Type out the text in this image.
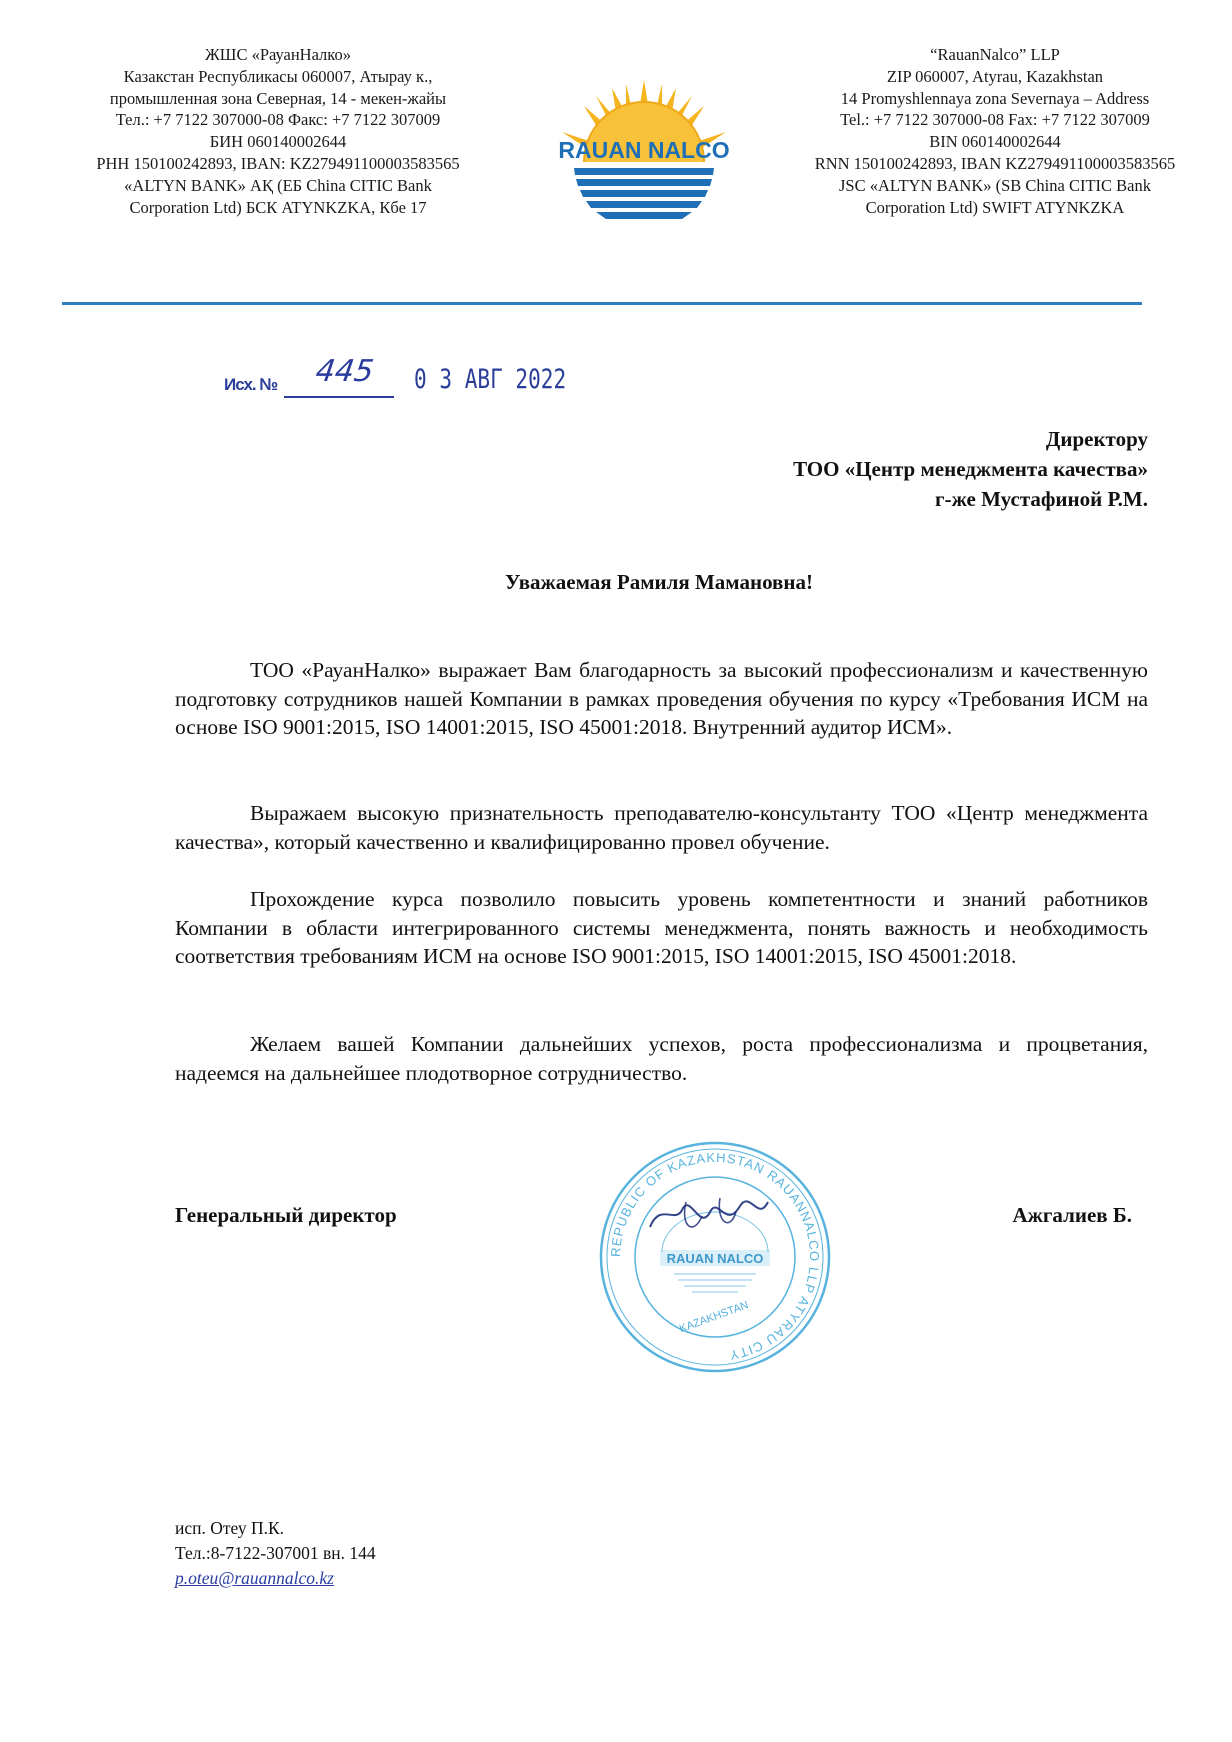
ЖШС «РауанНалко»
Казакстан Республикасы 060007, Атырау к.,
промышленная зона Северная, 14 - мекен-жайы
Тел.: +7 7122 307000-08 Факс: +7 7122 307009
БИН 060140002644
РНН 150100242893, IBAN: KZ279491100003583565
«ALTYN BANK» АҚ (ЕБ China CITIC Bank
Corporation Ltd) БСК ATYNKZKA, Кбе 17
RAUAN NALCO
“RauanNalco” LLP
ZIP 060007, Atyrau, Kazakhstan
14 Promyshlennaya zona Severnaya – Address
Tel.: +7 7122 307000-08 Fax: +7 7122 307009
BIN 060140002644
RNN 150100242893, IBAN KZ279491100003583565
JSC «ALTYN BANK» (SB China CITIC Bank
Corporation Ltd) SWIFT ATYNKZKA
Исх. № 445 0 3 АВГ 2022
Директору
ТОО «Центр менеджмента качества»
г-же Мустафиной Р.М.
Уважаемая Рамиля Мамановна!

ТОО «РауанНалко» выражает Вам благодарность за высокий профессионализм и качественную подготовку сотрудников нашей Компании в рамках проведения обучения по курсу «Требования ИСМ на основе ISO 9001:2015, ISO 14001:2015, ISO 45001:2018. Внутренний аудитор ИСМ».

Выражаем высокую признательность преподавателю-консультанту ТОО «Центр менеджмента качества», который качественно и квалифицированно провел обучение.

Прохождение курса позволило повысить уровень компетентности и знаний работников Компании в области интегрированного системы менеджмента, понять важность и необходимость соответствия требованиям ИСМ на основе ISO 9001:2015, ISO 14001:2015, ISO 45001:2018.

Желаем вашей Компании дальнейших успехов, роста профессионализма и процветания, надеемся на дальнейшее плодотворное сотрудничество.

Генеральный директор
REPUBLIC OF KAZAKHSTAN RAUANNALCO LLP ATYRAU CITY
RAUAN NALCO
KAZAKHSTAN
Ажгалиев Б.
исп. Отеу П.К.
Тел.:8-7122-307001 вн. 144
p.oteu@rauannalco.kz
